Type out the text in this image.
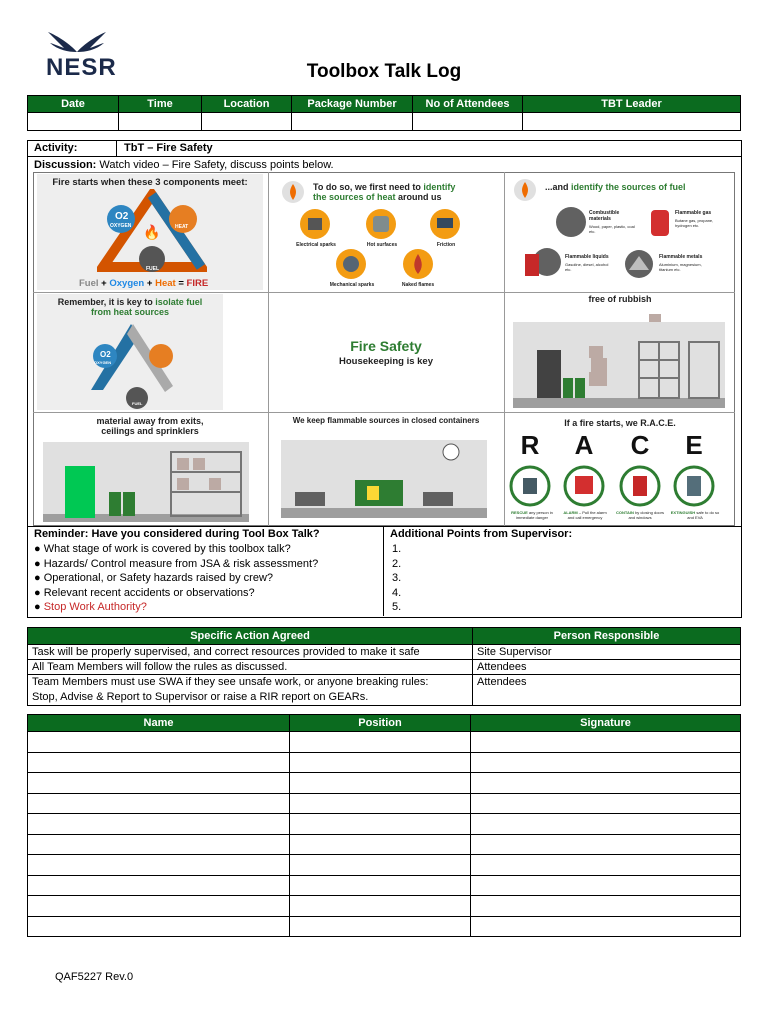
NESR	Toolbox Talk Log
Date	Time	Location	Package Number	No of Attendees	TBT Leader

Activity:	TbT – Fire Safety
Discussion: Watch video – Fire Safety, discuss points below.
Fire starts when these 3 components meet:
🔥
O2
OXYGEN	HEAT
FUEL
Fuel + Oxygen + Heat = FIRE
To do so, we first need to identify
the sources of heat around us
Electrical sparks	Hot surfaces	Friction
Mechanical sparks	Naked flames
...and identify the sources of fuel
Combustible materials
Wood, paper, plastic, coal etc.
Flammable gas
Butane gas, propane, hydrogen etc.
Flammable liquids
Gasoline, diesel, alcohol etc.
Flammable metals
Aluminium, magnesium, titanium etc.
Remember, it is key to isolate fuel
from heat sources
O2
OXYGEN
FUEL
Fire Safety
Housekeeping is key
free of rubbish
material away from exits,
ceilings and sprinklers
We keep flammable sources in closed containers	If a fire starts, we R.A.C.E.
R A C E
RESCUE any person in immediate danger
ALARM – Pull the alarm and call emergency
CONTAIN by closing doors and windows
EXTINGUISH safe to do so and EVA
Reminder: Have you considered during Tool Box Talk?
● What stage of work is covered by this toolbox talk?
● Hazards/ Control measure from JSA & risk assessment?
● Operational, or Safety hazards raised by crew?
● Relevant recent accidents or observations?
● Stop Work Authority?
Additional Points from Supervisor:
1.
2.
3.
4.
5.
Specific Action Agreed	Person Responsible
Task will be properly supervised, and correct resources provided to make it safe	Site Supervisor
All Team Members will follow the rules as discussed.	Attendees

Team Members must use SWA if they see unsafe work, or anyone breaking rules:
Stop, Advise & Report to Supervisor or raise a RIR report on GEARs.	Attendees
Name	Position	Signature

QAF5227 Rev.0
